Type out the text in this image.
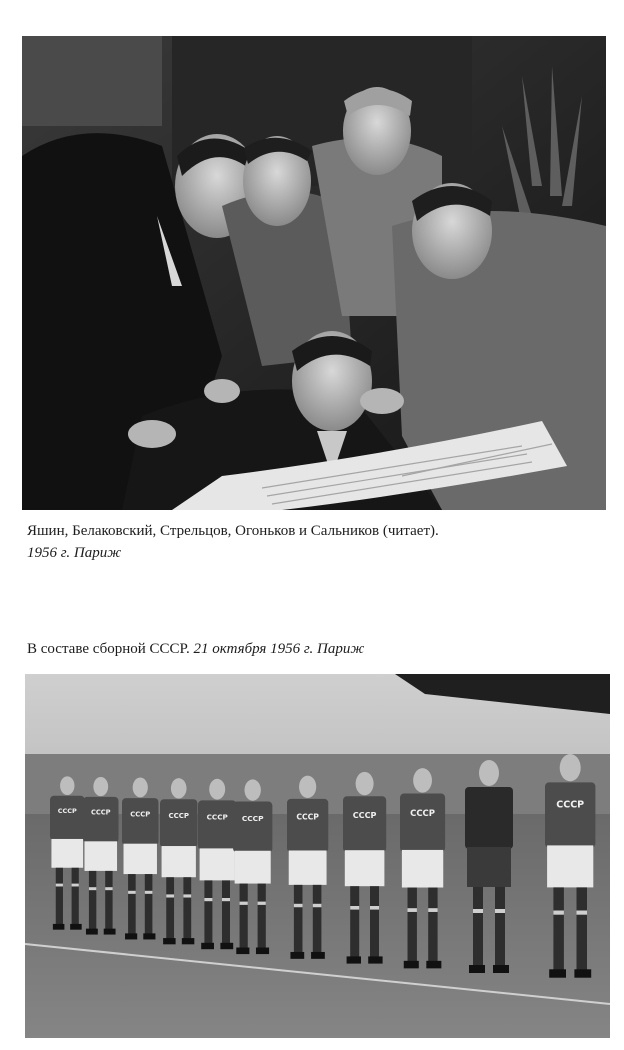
Яшин, Белаковский, Стрельцов, Огоньков и Сальников (читает).
1956 г. Париж
В составе сборной СССР. 21 октября 1956 г. Париж
СССР СССР	СССР	СССР СССР СССР	СССР	СССР	СССР
СССР
